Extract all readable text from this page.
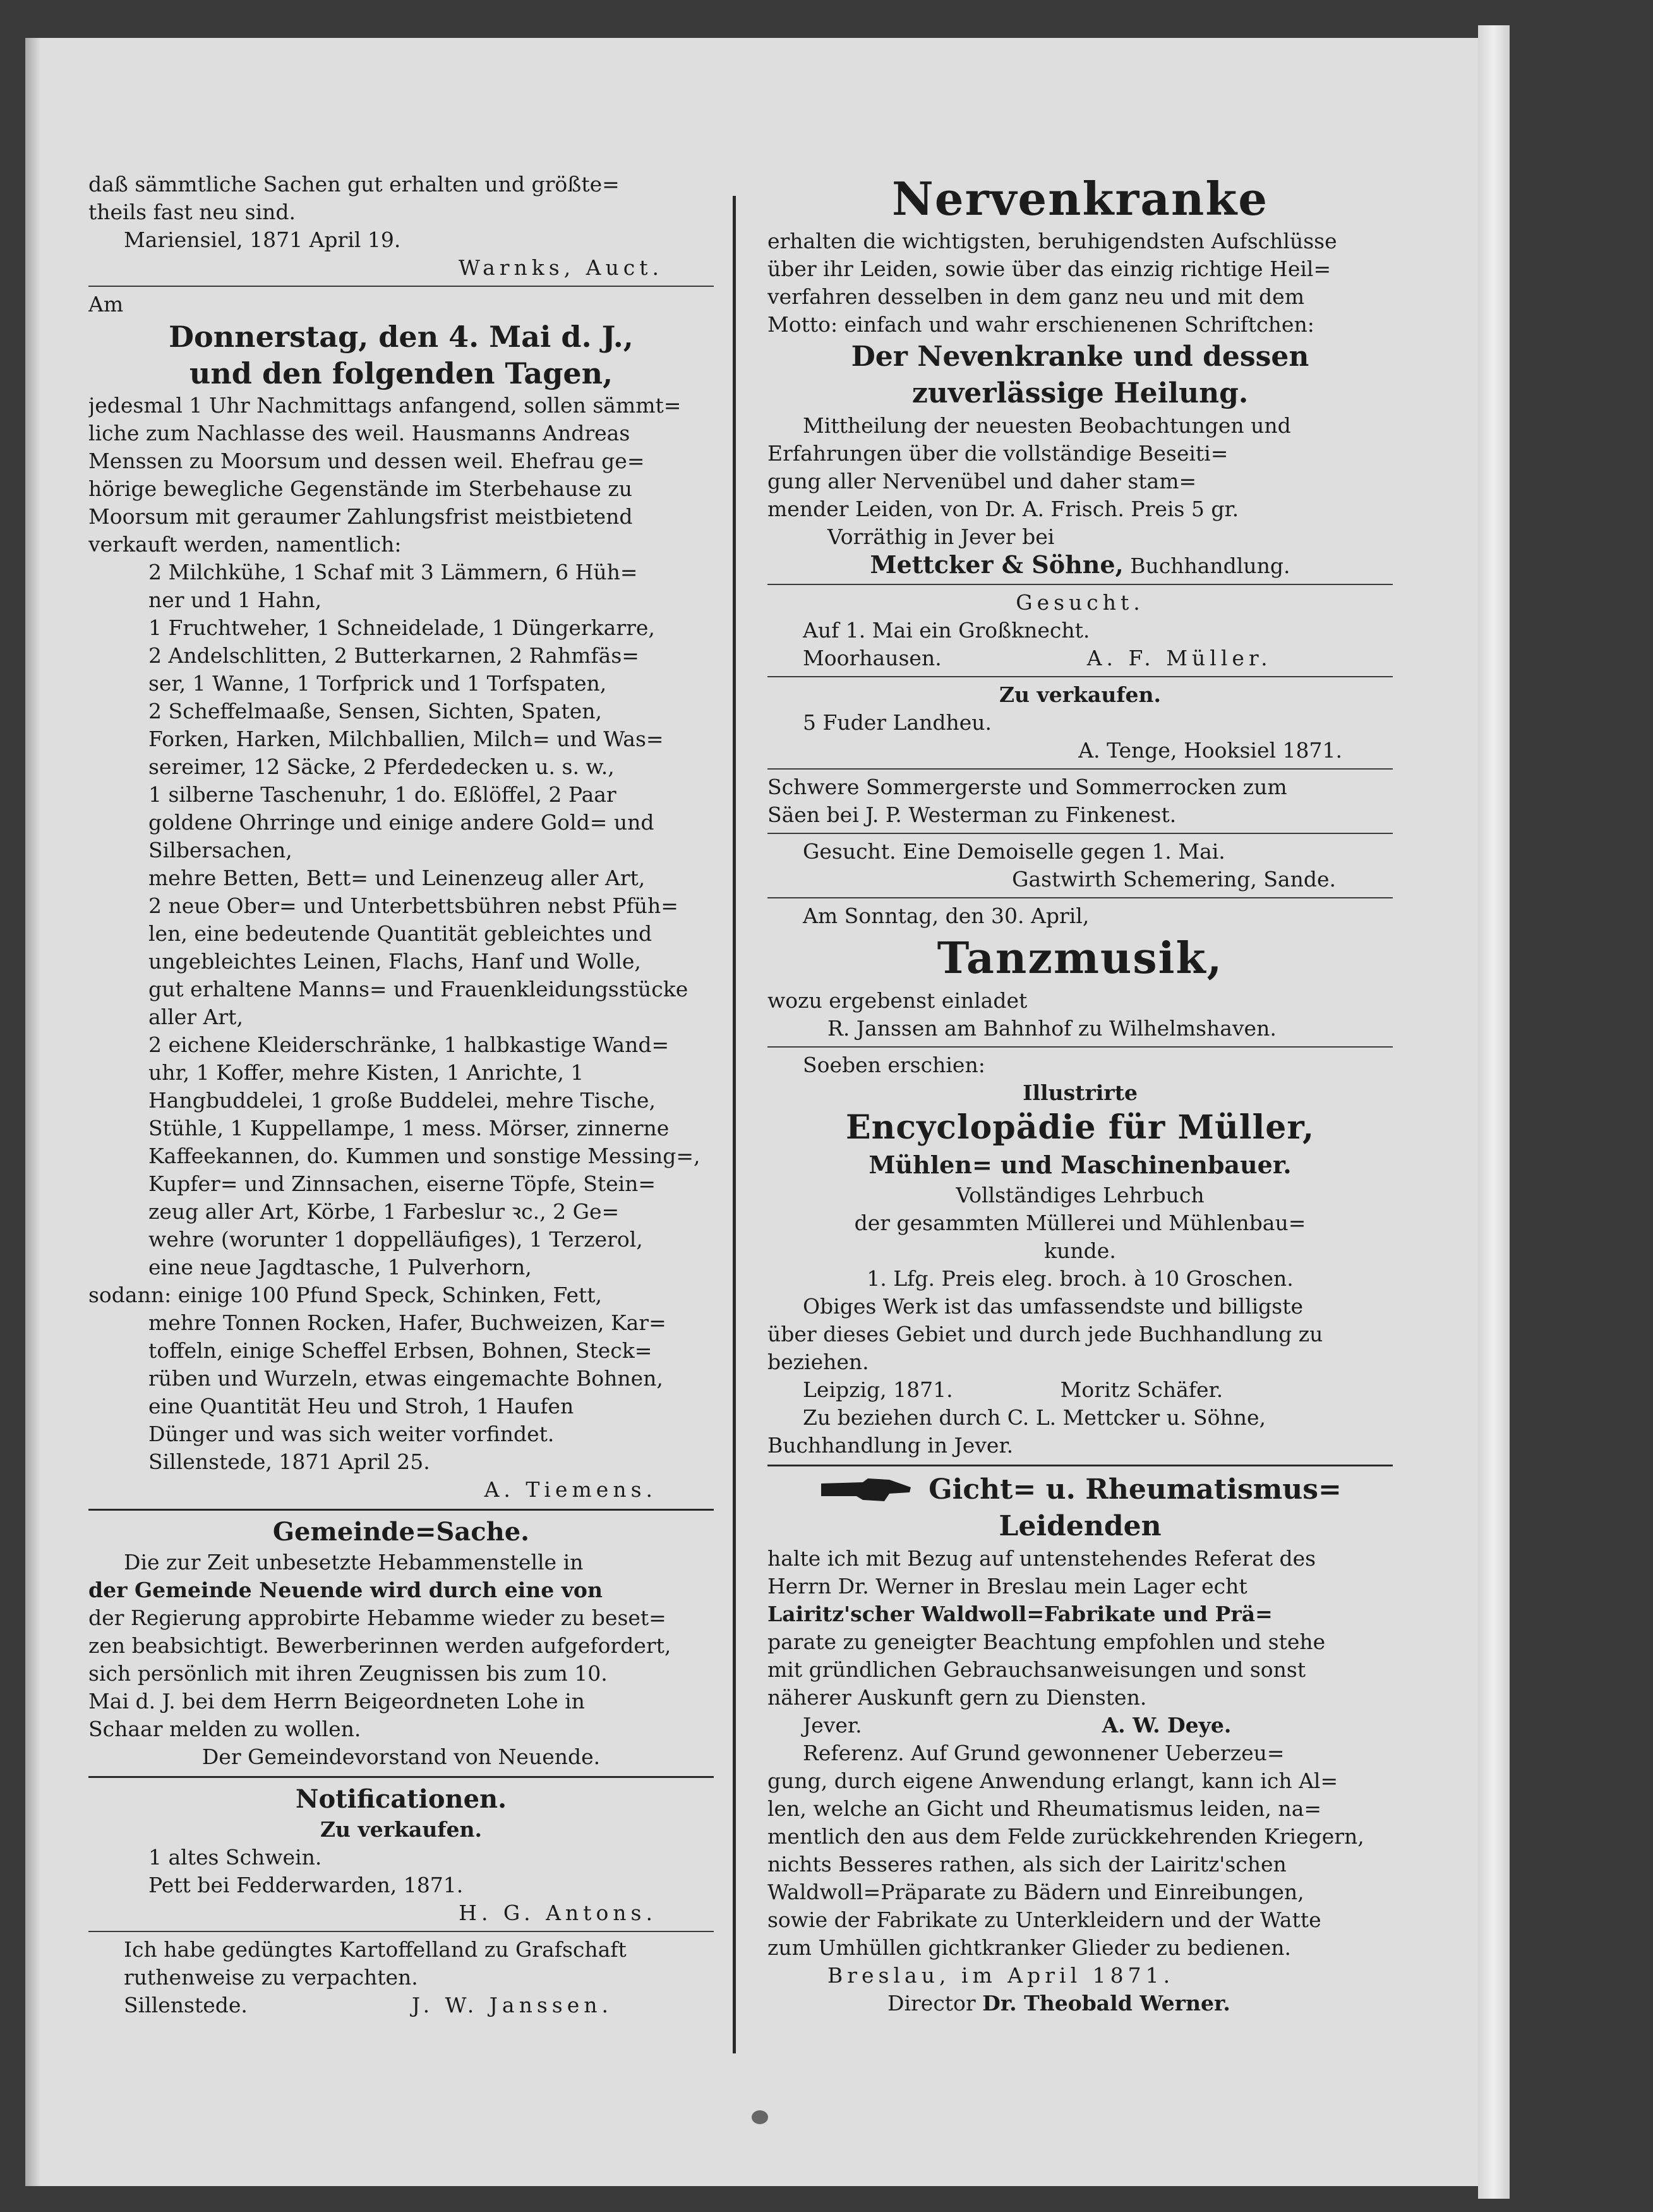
daß sämmtliche Sachen gut erhalten und größte=

theils fast neu sind.

Mariensiel, 1871 April 19.

Warnks, Auct.

Am

Donnerstag, den 4. Mai d. J.,

und den folgenden Tagen,

jedesmal 1 Uhr Nachmittags anfangend, sollen sämmt=

liche zum Nachlasse des weil. Hausmanns Andreas

Menssen zu Moorsum und dessen weil. Ehefrau ge=

hörige bewegliche Gegenstände im Sterbehause zu

Moorsum mit geraumer Zahlungsfrist meistbietend

verkauft werden, namentlich:

2 Milchkühe, 1 Schaf mit 3 Lämmern, 6 Hüh=

ner und 1 Hahn,

1 Fruchtweher, 1 Schneidelade, 1 Düngerkarre,

2 Andelschlitten, 2 Butterkarnen, 2 Rahmfäs=

ser, 1 Wanne, 1 Torfprick und 1 Torfspaten,

2 Scheffelmaaße, Sensen, Sichten, Spaten,

Forken, Harken, Milchballien, Milch= und Was=

sereimer, 12 Säcke, 2 Pferdedecken u. s. w.,

1 silberne Taschenuhr, 1 do. Eßlöffel, 2 Paar

goldene Ohrringe und einige andere Gold= und

Silbersachen,

mehre Betten, Bett= und Leinenzeug aller Art,

2 neue Ober= und Unterbettsbühren nebst Pfüh=

len, eine bedeutende Quantität gebleichtes und

ungebleichtes Leinen, Flachs, Hanf und Wolle,

gut erhaltene Manns= und Frauenkleidungsstücke

aller Art,

2 eichene Kleiderschränke, 1 halbkastige Wand=

uhr, 1 Koffer, mehre Kisten, 1 Anrichte, 1

Hangbuddelei, 1 große Buddelei, mehre Tische,

Stühle, 1 Kuppellampe, 1 mess. Mörser, zinnerne

Kaffeekannen, do. Kummen und sonstige Messing=,

Kupfer= und Zinnsachen, eiserne Töpfe, Stein=

zeug aller Art, Körbe, 1 Farbeslur ꝛc., 2 Ge=

wehre (worunter 1 doppelläufiges), 1 Terzerol,

eine neue Jagdtasche, 1 Pulverhorn,

sodann: einige 100 Pfund Speck, Schinken, Fett,

mehre Tonnen Rocken, Hafer, Buchweizen, Kar=

toffeln, einige Scheffel Erbsen, Bohnen, Steck=

rüben und Wurzeln, etwas eingemachte Bohnen,

eine Quantität Heu und Stroh, 1 Haufen

Dünger und was sich weiter vorfindet.

Sillenstede, 1871 April 25.

A. Tiemens.

Gemeinde=Sache.

Die zur Zeit unbesetzte Hebammenstelle in

der Gemeinde Neuende wird durch eine von

der Regierung approbirte Hebamme wieder zu beset=

zen beabsichtigt. Bewerberinnen werden aufgefordert,

sich persönlich mit ihren Zeugnissen bis zum 10.

Mai d. J. bei dem Herrn Beigeordneten Lohe in

Schaar melden zu wollen.

Der Gemeindevorstand von Neuende.

Notificationen.

Zu verkaufen.

1 altes Schwein.

Pett bei Fedderwarden, 1871.

H. G. Antons.

Ich habe gedüngtes Kartoffelland zu Grafschaft

ruthenweise zu verpachten.

Sillenstede.	J. W. Janssen.

Nervenkranke

erhalten die wichtigsten, beruhigendsten Aufschlüsse

über ihr Leiden, sowie über das einzig richtige Heil=

verfahren desselben in dem ganz neu und mit dem

Motto: einfach und wahr erschienenen Schriftchen:

Der Nevenkranke und dessen

zuverlässige Heilung.

Mittheilung der neuesten Beobachtungen und

Erfahrungen über die vollständige Beseiti=

gung aller Nervenübel und daher stam=

mender Leiden, von Dr. A. Frisch. Preis 5 gr.

Vorräthig in Jever bei

Mettcker & Söhne, Buchhandlung.

Gesucht.

Auf 1. Mai ein Großknecht.

Moorhausen.	A. F. Müller.

Zu verkaufen.

5 Fuder Landheu.

A. Tenge, Hooksiel 1871.

Schwere Sommergerste und Sommerrocken zum

Säen bei J. P. Westerman zu Finkenest.

Gesucht. Eine Demoiselle gegen 1. Mai.

Gastwirth Schemering, Sande.

Am Sonntag, den 30. April,

Tanzmusik,

wozu ergebenst einladet

R. Janssen am Bahnhof zu Wilhelmshaven.

Soeben erschien:

Illustrirte

Encyclopädie für Müller,

Mühlen= und Maschinenbauer.

Vollständiges Lehrbuch

der gesammten Müllerei und Mühlenbau=

kunde.

1. Lfg. Preis eleg. broch. à 10 Groschen.

Obiges Werk ist das umfassendste und billigste

über dieses Gebiet und durch jede Buchhandlung zu

beziehen.

Leipzig, 1871.	Moritz Schäfer.

Zu beziehen durch C. L. Mettcker u. Söhne,

Buchhandlung in Jever.

Gicht= u. Rheumatismus=

Leidenden

halte ich mit Bezug auf untenstehendes Referat des

Herrn Dr. Werner in Breslau mein Lager echt

Lairitz'scher Waldwoll=Fabrikate und Prä=

parate zu geneigter Beachtung empfohlen und stehe

mit gründlichen Gebrauchsanweisungen und sonst

näherer Auskunft gern zu Diensten.

Jever.	A. W. Deye.

Referenz. Auf Grund gewonnener Ueberzeu=

gung, durch eigene Anwendung erlangt, kann ich Al=

len, welche an Gicht und Rheumatismus leiden, na=

mentlich den aus dem Felde zurückkehrenden Kriegern,

nichts Besseres rathen, als sich der Lairitz'schen

Waldwoll=Präparate zu Bädern und Einreibungen,

sowie der Fabrikate zu Unterkleidern und der Watte

zum Umhüllen gichtkranker Glieder zu bedienen.

Breslau, im April 1871.

Director Dr. Theobald Werner.
